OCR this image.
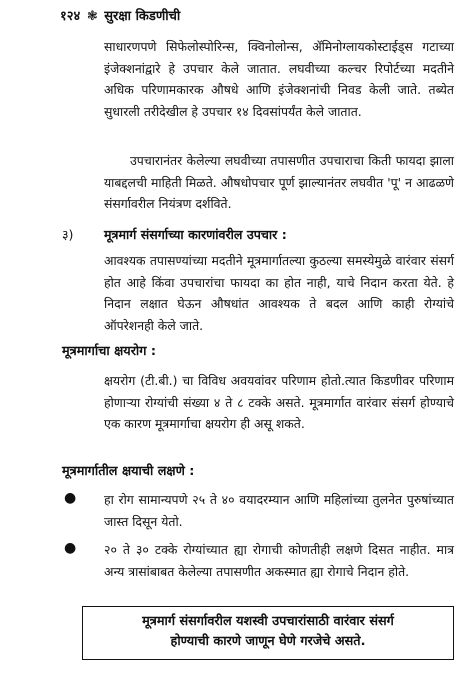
१२४ ❃ सुरक्षा किडणीची
साधारणपणे सिफेलोस्पोरिन्स, क्विनोलोन्स, ॲमिनोग्लायकोस्टाईड्स गटाच्या इंजेक्शनांद्वारे हे उपचार केले जातात. लघवीच्या कल्चर रिपोर्टच्या मदतीने अधिक परिणामकारक औषधे आणि इंजेक्शनांची निवड केली जाते. तब्येत सुधारली तरीदेखील हे उपचार १४ दिवसांपर्यंत केले जातात.
उपचारानंतर केलेल्या लघवीच्या तपासणीत उपचाराचा किती फायदा झाला याबद्दलची माहिती मिळते. औषधोपचार पूर्ण झाल्यानंतर लघवीत 'पू' न आढळणे संसर्गावरील नियंत्रण दर्शविते.
३) मूत्रमार्ग संसर्गाच्या कारणांवरील उपचार :
आवश्यक तपासण्यांच्या मदतीने मूत्रमार्गातल्या कुठल्या समस्येमुळे वारंवार संसर्ग होत आहे किंवा उपचारांचा फायदा का होत नाही, याचे निदान करता येते. हे निदान लक्षात घेऊन औषधांत आवश्यक ते बदल आणि काही रोग्यांचे ऑपरेशनही केले जाते.
मूत्रमार्गाचा क्षयरोग :
क्षयरोग (टी.बी.) चा विविध अवयवांवर परिणाम होतो.त्यात किडणीवर परिणाम होणाऱ्या रोग्यांची संख्या ४ ते ८ टक्के असते. मूत्रमार्गात वारंवार संसर्ग होण्याचे एक कारण मूत्रमार्गाचा क्षयरोग ही असू शकते.
मूत्रमार्गातील क्षयाची लक्षणे :
● हा रोग सामान्यपणे २५ ते ४० वयादरम्यान आणि महिलांच्या तुलनेत पुरुषांच्यात जास्त दिसून येतो.
● २० ते ३० टक्के रोग्यांच्यात ह्या रोगाची कोणतीही लक्षणे दिसत नाहीत. मात्र अन्य त्रासांबाबत केलेल्या तपासणीत अकस्मात ह्या रोगाचे निदान होते.
मूत्रमार्ग संसर्गावरील यशस्वी उपचारांसाठी वारंवार संसर्ग
होण्याची कारणे जाणून घेणे गरजेचे असते.
